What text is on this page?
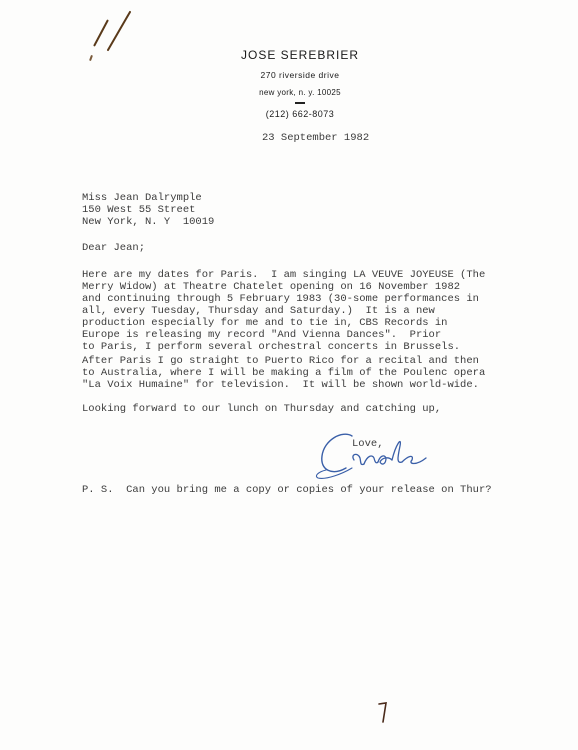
JOSE SEREBRIER
270 riverside drive
new york, n. y. 10025
(212) 662-8073
23 September 1982
Miss Jean Dalrymple
150 West 55 Street
New York, N. Y  10019
Dear Jean;
Here are my dates for Paris.  I am singing LA VEUVE JOYEUSE (The
Merry Widow) at Theatre Chatelet opening on 16 November 1982
and continuing through 5 February 1983 (30-some performances in
all, every Tuesday, Thursday and Saturday.)  It is a new
production especially for me and to tie in, CBS Records in
Europe is releasing my record "And Vienna Dances".  Prior
to Paris, I perform several orchestral concerts in Brussels.
After Paris I go straight to Puerto Rico for a recital and then
to Australia, where I will be making a film of the Poulenc opera
"La Voix Humaine" for television.  It will be shown world-wide.
Looking forward to our lunch on Thursday and catching up,
Love,
P. S.  Can you bring me a copy or copies of your release on Thur?
